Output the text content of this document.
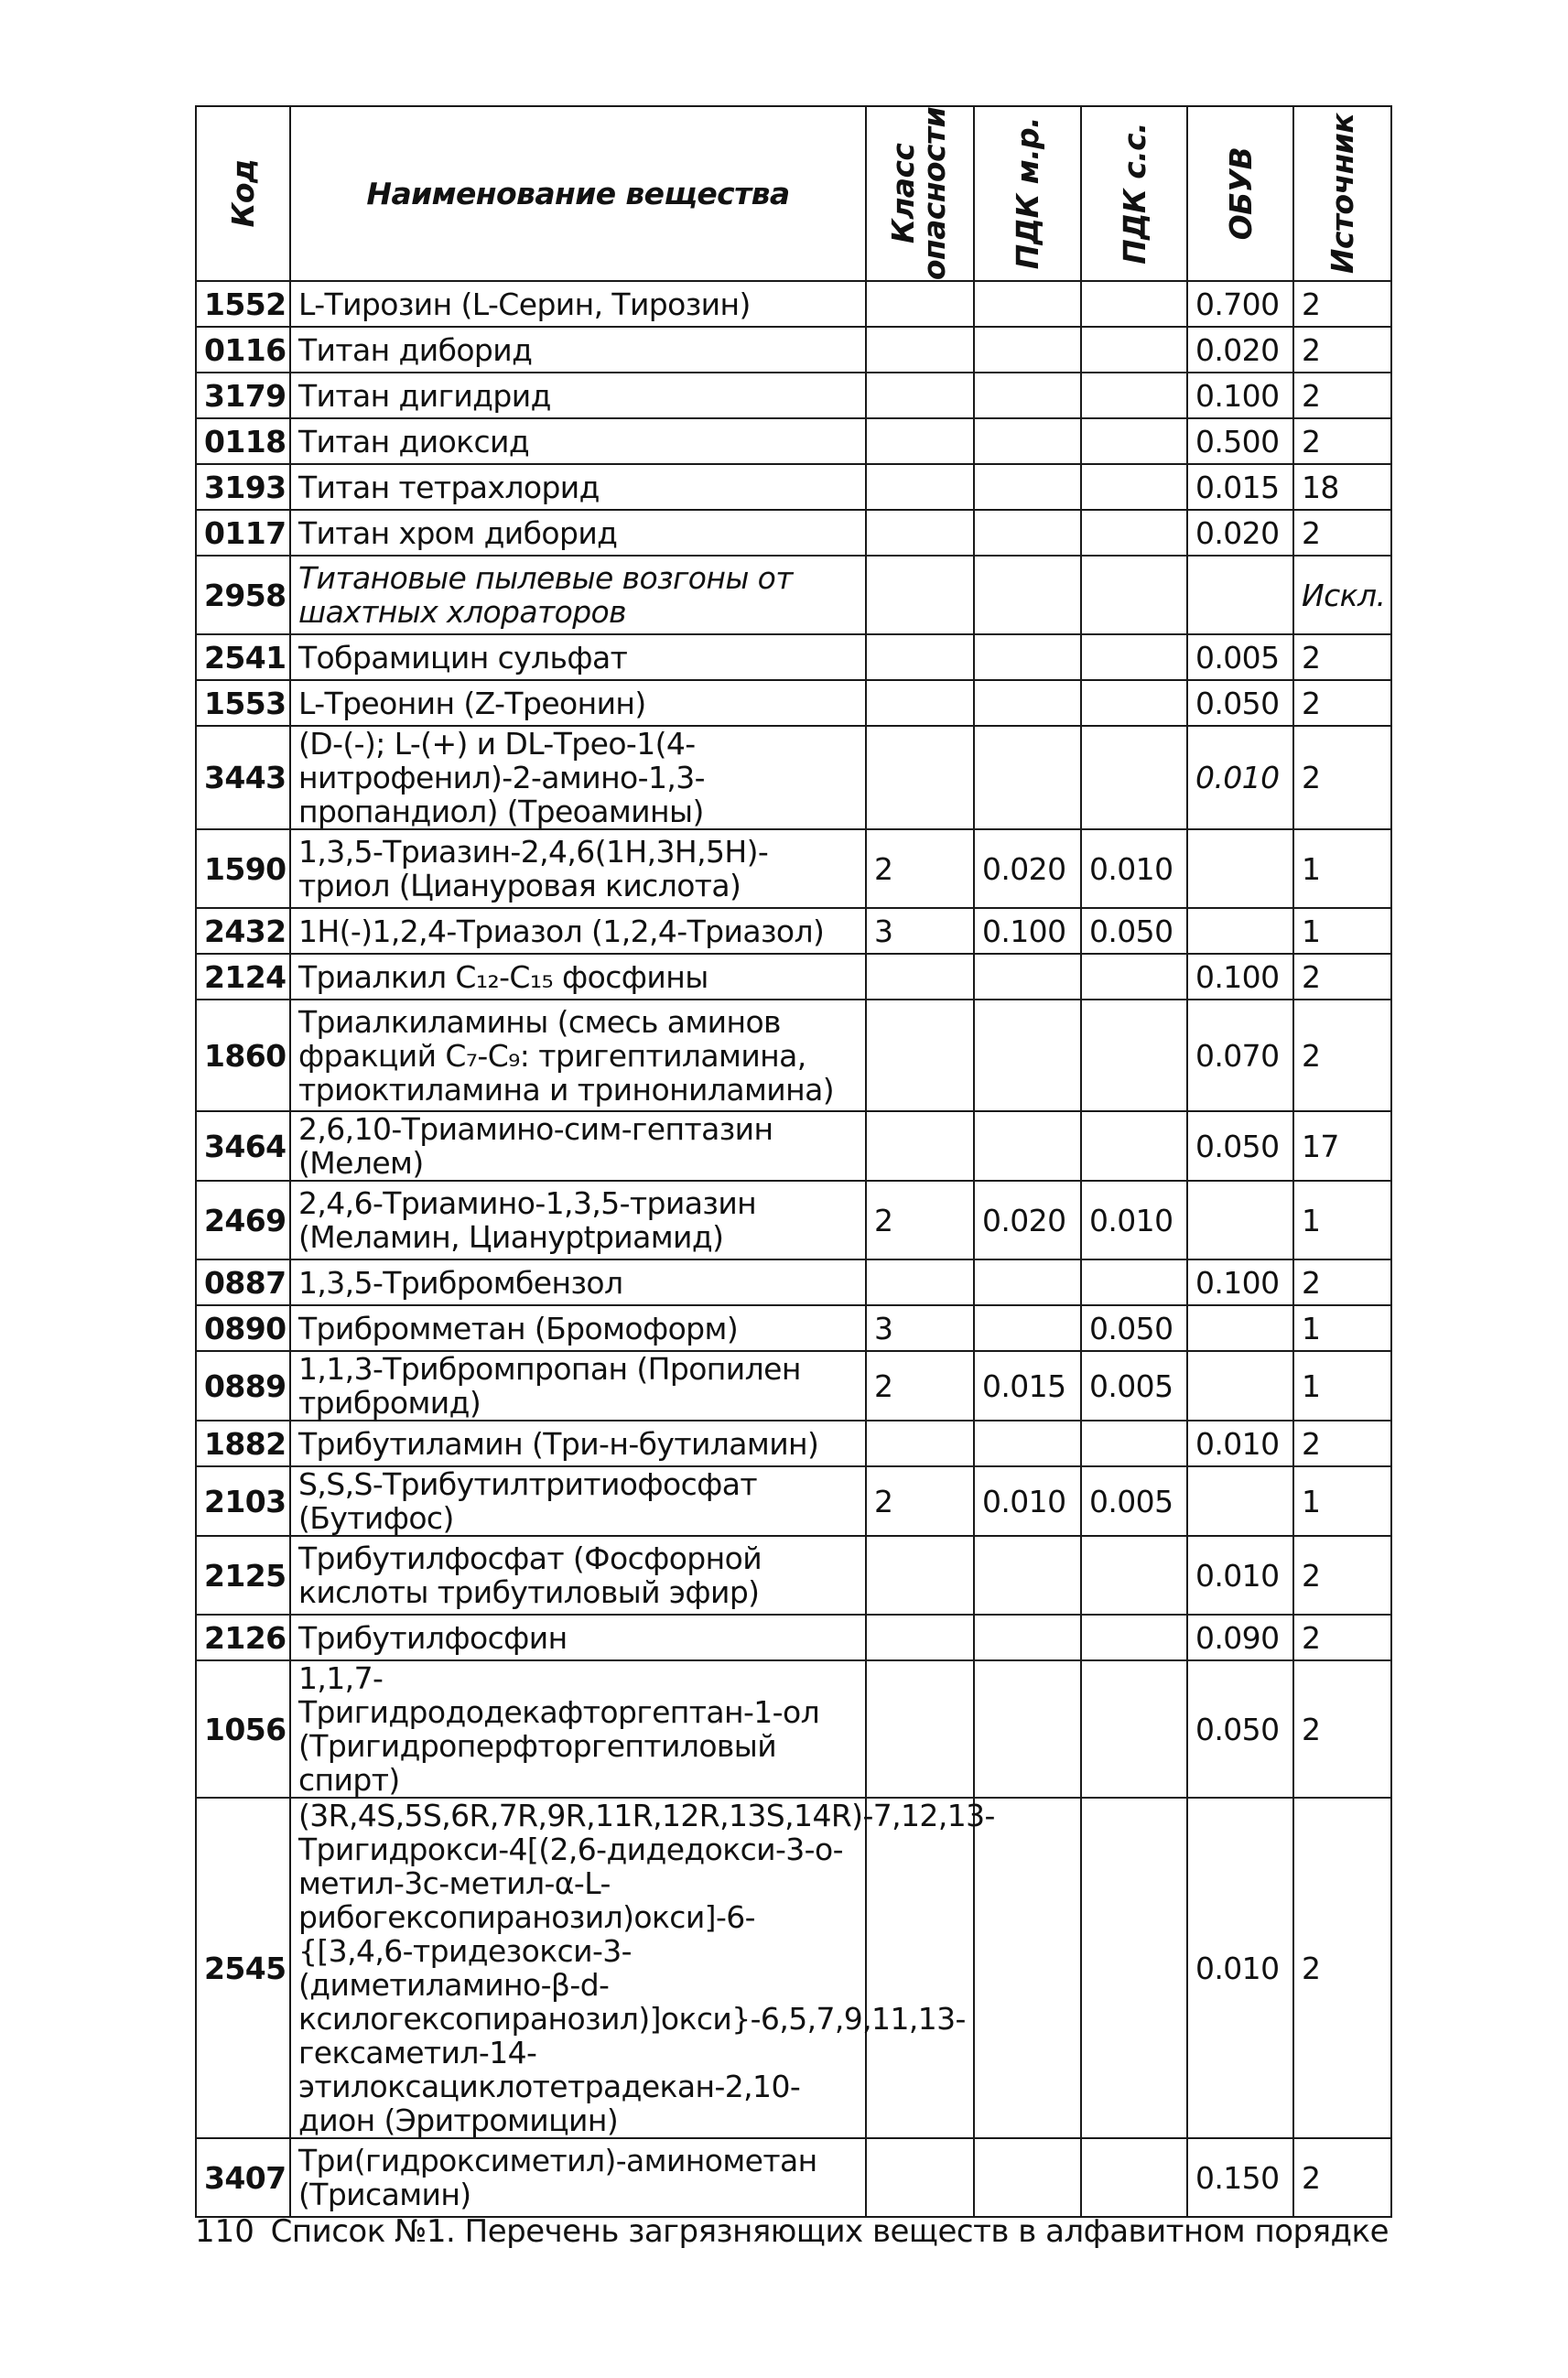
Код	Наименование вещества	Класс опасности	ПДК м.р.	ПДК с.с.	ОБУВ	Источник

1552	L-Тирозин (L-Серин, Тирозин)				0.700	2
0116	Титан диборид				0.020	2
3179	Титан дигидрид				0.100	2
0118	Титан диоксид				0.500	2
3193	Титан тетрахлорид				0.015	18
0117	Титан хром диборид				0.020	2
2958	Титановые пылевые возгоны от шахтных хлораторов					Искл.
2541	Тобрамицин сульфат				0.005	2
1553	L-Треонин (Z-Треонин)				0.050	2
3443	(D-(-); L-(+) и DL-Трео-1(4-нитрофенил)-2-амино-1,3-пропандиол) (Треоамины)				0.010	2
1590	1,3,5-Триазин-2,4,6(1H,3H,5H)-триол (Циануровая кислота)	2	0.020	0.010		1
2432	1H(-)1,2,4-Триазол (1,2,4-Триазол)	3	0.100	0.050		1
2124	Триалкил C₁₂-C₁₅ фосфины				0.100	2
1860	Триалкиламины (смесь аминов фракций C₇-C₉: тригептиламина, триоктиламина и тринониламина)				0.070	2
3464	2,6,10-Триамино-сим-гептазин (Мелем)				0.050	17
2469	2,4,6-Триамино-1,3,5-триазин (Меламин, Цианурtриамид)	2	0.020	0.010		1
0887	1,3,5-Трибромбензол				0.100	2
0890	Трибромметан (Бромоформ)	3		0.050		1
0889	1,1,3-Трибромпропан (Пропилен трибромид)	2	0.015	0.005		1
1882	Трибутиламин (Три-н-бутиламин)				0.010	2
2103	S,S,S-Трибутилтритиофосфат (Бутифос)	2	0.010	0.005		1
2125	Трибутилфосфат (Фосфорной кислоты трибутиловый эфир)				0.010	2
2126	Трибутилфосфин				0.090	2
1056	1,1,7-Тригидрододекафторгептан-1-ол (Тригидроперфторгептиловый спирт)				0.050	2
2545	(3R,4S,5S,6R,7R,9R,11R,12R,13S,14R)-7,12,13-Тригидрокси-4[(2,6-дидедокси-3-о-метил-3с-метил-α-L-рибогексопиранозил)окси]-6-{[3,4,6-тридезокси-3-(диметиламино-β-d-ксилогексопиранозил)]окси}-6,5,7,9,11,13-гексаметил-14-этилоксациклотетрадекан-2,10-дион (Эритромицин)				0.010	2
3407	Три(гидроксиметил)-аминометан (Трисамин)				0.150	2
110 Список №1. Перечень загрязняющих веществ в алфавитном порядке
